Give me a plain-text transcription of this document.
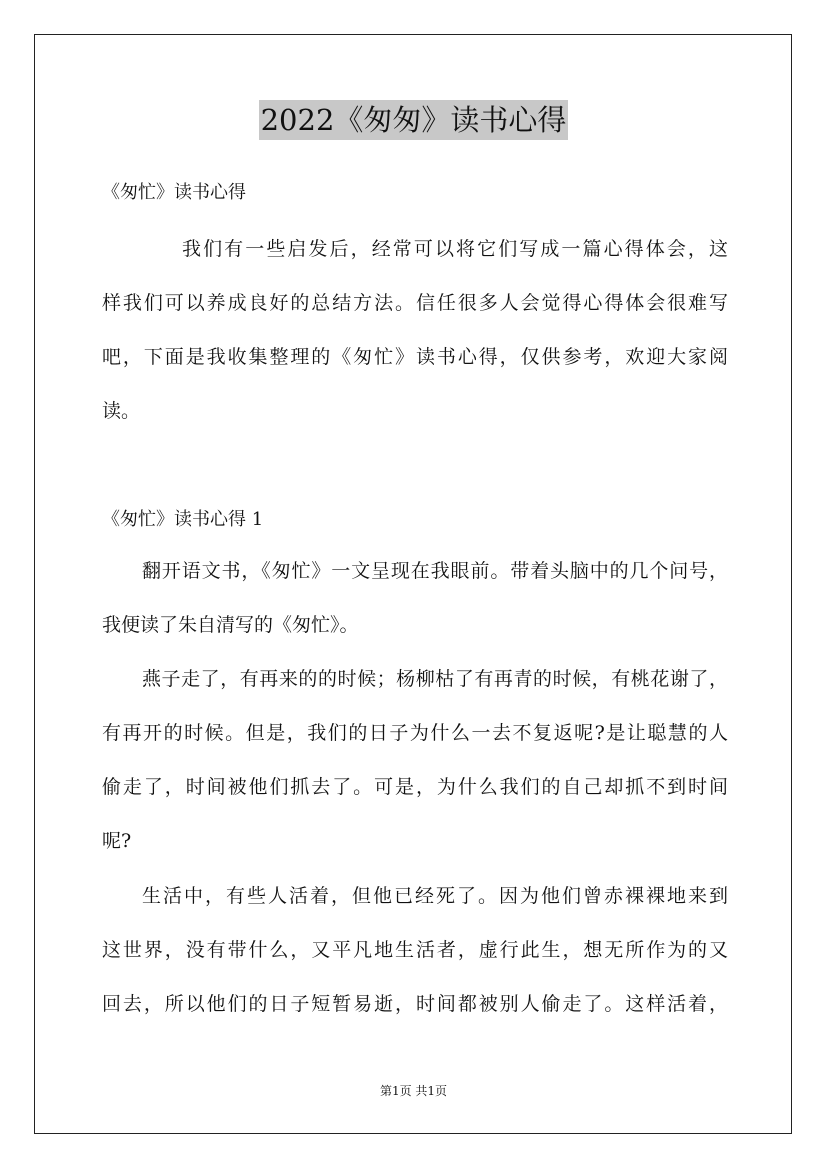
2022《匆匆》读书心得
《匆忙》读书心得
我们有一些启发后，经常可以将它们写成一篇心得体会，这
样我们可以养成良好的总结方法。信任很多人会觉得心得体会很难写
吧，下面是我收集整理的《匆忙》读书心得，仅供参考，欢迎大家阅
读。
《匆忙》读书心得 1
翻开语文书，《匆忙》一文呈现在我眼前。带着头脑中的几个问号，
我便读了朱自清写的《匆忙》。
燕子走了，有再来的的时候；杨柳枯了有再青的时候，有桃花谢了，
有再开的时候。但是，我们的日子为什么一去不复返呢?是让聪慧的人
偷走了，时间被他们抓去了。可是，为什么我们的自己却抓不到时间
呢?
生活中，有些人活着，但他已经死了。因为他们曾赤裸裸地来到
这世界，没有带什么，又平凡地生活者，虚行此生，想无所作为的又
回去，所以他们的日子短暂易逝，时间都被别人偷走了。这样活着，
第1页 共1页
